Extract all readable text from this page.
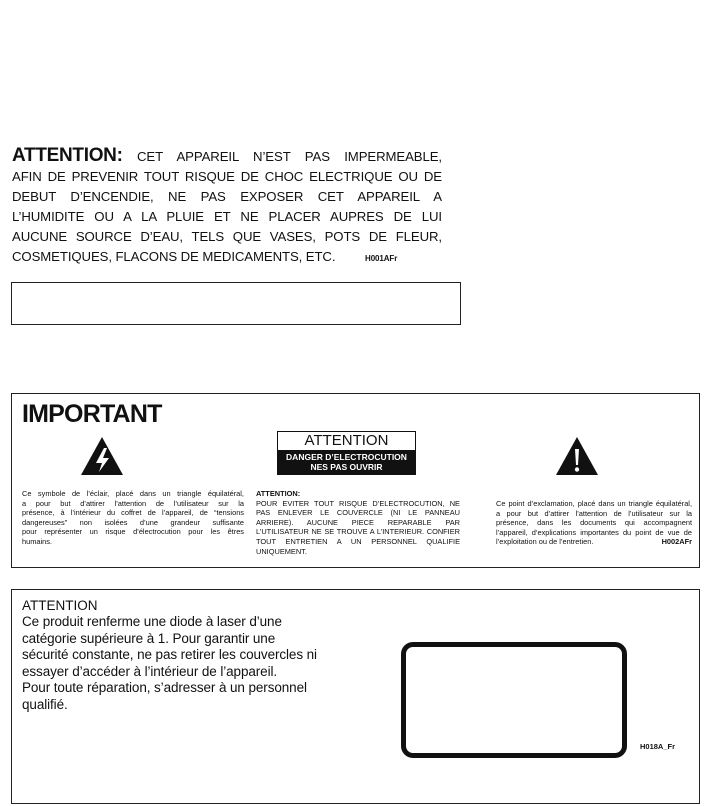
ATTENTION: CET APPAREIL N’EST PAS IMPERMEABLE,
AFIN DE PREVENIR TOUT RISQUE DE CHOC ELECTRIQUE OU DE
DEBUT D’ENCENDIE, NE PAS EXPOSER CET APPAREIL A
L’HUMIDITE OU A LA PLUIE ET NE PLACER AUPRES DE LUI
AUCUNE SOURCE D’EAU, TELS QUE VASES, POTS DE FLEUR,
COSMETIQUES, FLACONS DE MEDICAMENTS, ETC.	H001AFr
IMPORTANT
ATTENTION
DANGER D’ELECTROCUTION
NES PAS OUVRIR
Ce symbole de l’éclair, placé dans un triangle équilatéral,
a pour but d’attirer l’attention de l’utilisateur sur la
présence, à l’intérieur du coffret de l’appareil, de “tensions
dangereuses” non isolées d’une grandeur suffisante
pour représenter un risque d’électrocution pour les êtres
humains.
ATTENTION:
POUR EVITER TOUT RISQUE D’ELECTROCUTION, NE
PAS ENLEVER LE COUVERCLE (NI LE PANNEAU
ARRIERE). AUCUNE PIECE REPARABLE PAR
L’UTILISATEUR NE SE TROUVE A L’INTERIEUR. CONFIER
TOUT ENTRETIEN A UN PERSONNEL QUALIFIE
UNIQUEMENT.
Ce point d’exclamation, placé dans un triangle équilatéral,
a pour but d’attirer l’attention de l’utilisateur sur la
présence, dans les documents qui accompagnent
l’appareil, d’explications importantes du point de vue de
l’exploitation ou de l’entretien.	H002AFr
ATTENTION
Ce produit renferme une diode à laser d’une
catégorie supérieure à 1. Pour garantir une
sécurité constante, ne pas retirer les couvercles ni
essayer d’accéder à l’intérieur de l’appareil.
Pour toute réparation, s’adresser à un personnel
qualifié.
H018A_Fr
